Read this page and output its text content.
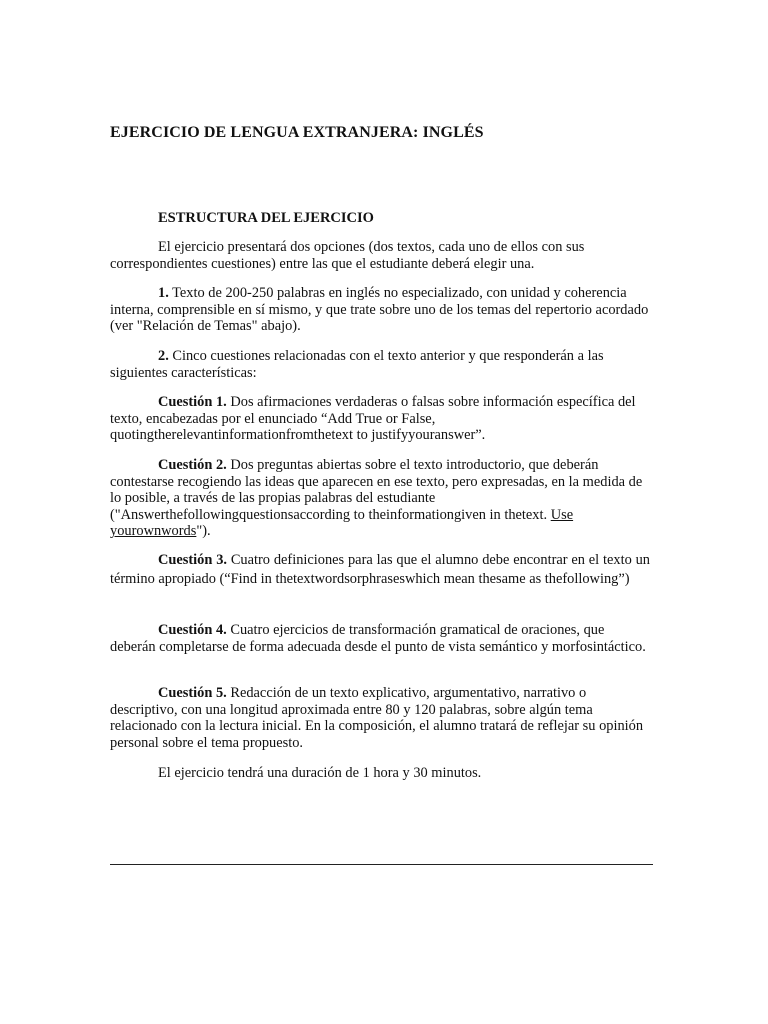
EJERCICIO DE LENGUA EXTRANJERA: INGLÉS
ESTRUCTURA DEL EJERCICIO

El ejercicio presentará dos opciones (dos textos, cada uno de ellos con sus correspondientes cuestiones) entre las que el estudiante deberá elegir una.

1. Texto de 200-250 palabras en inglés no especializado, con unidad y coherencia interna, comprensible en sí mismo, y que trate sobre uno de los temas del repertorio acordado (ver "Relación de Temas" abajo).

2. Cinco cuestiones relacionadas con el texto anterior y que responderán a las siguientes características:

Cuestión 1. Dos afirmaciones verdaderas o falsas sobre información específica del texto, encabezadas por el enunciado “Add True or False, quotingtherelevantinformationfromthetext to justifyyouranswer”.

Cuestión 2. Dos preguntas abiertas sobre el texto introductorio, que deberán contestarse recogiendo las ideas que aparecen en ese texto, pero expresadas, en la medida de lo posible, a través de las propias palabras del estudiante ("Answerthefollowingquestionsaccording to theinformationgiven in thetext. Use yourownwords").

Cuestión 3. Cuatro definiciones para las que el alumno debe encontrar en el texto un término apropiado (“Find in thetextwordsorphraseswhich mean thesame as thefollowing”)

Cuestión 4. Cuatro ejercicios de transformación gramatical de oraciones, que deberán completarse de forma adecuada desde el punto de vista semántico y morfosintáctico.

Cuestión 5. Redacción de un texto explicativo, argumentativo, narrativo o descriptivo, con una longitud aproximada entre 80 y 120 palabras, sobre algún tema relacionado con la lectura inicial. En la composición, el alumno tratará de reflejar su opinión personal sobre el tema propuesto.

El ejercicio tendrá una duración de 1 hora y 30 minutos.
